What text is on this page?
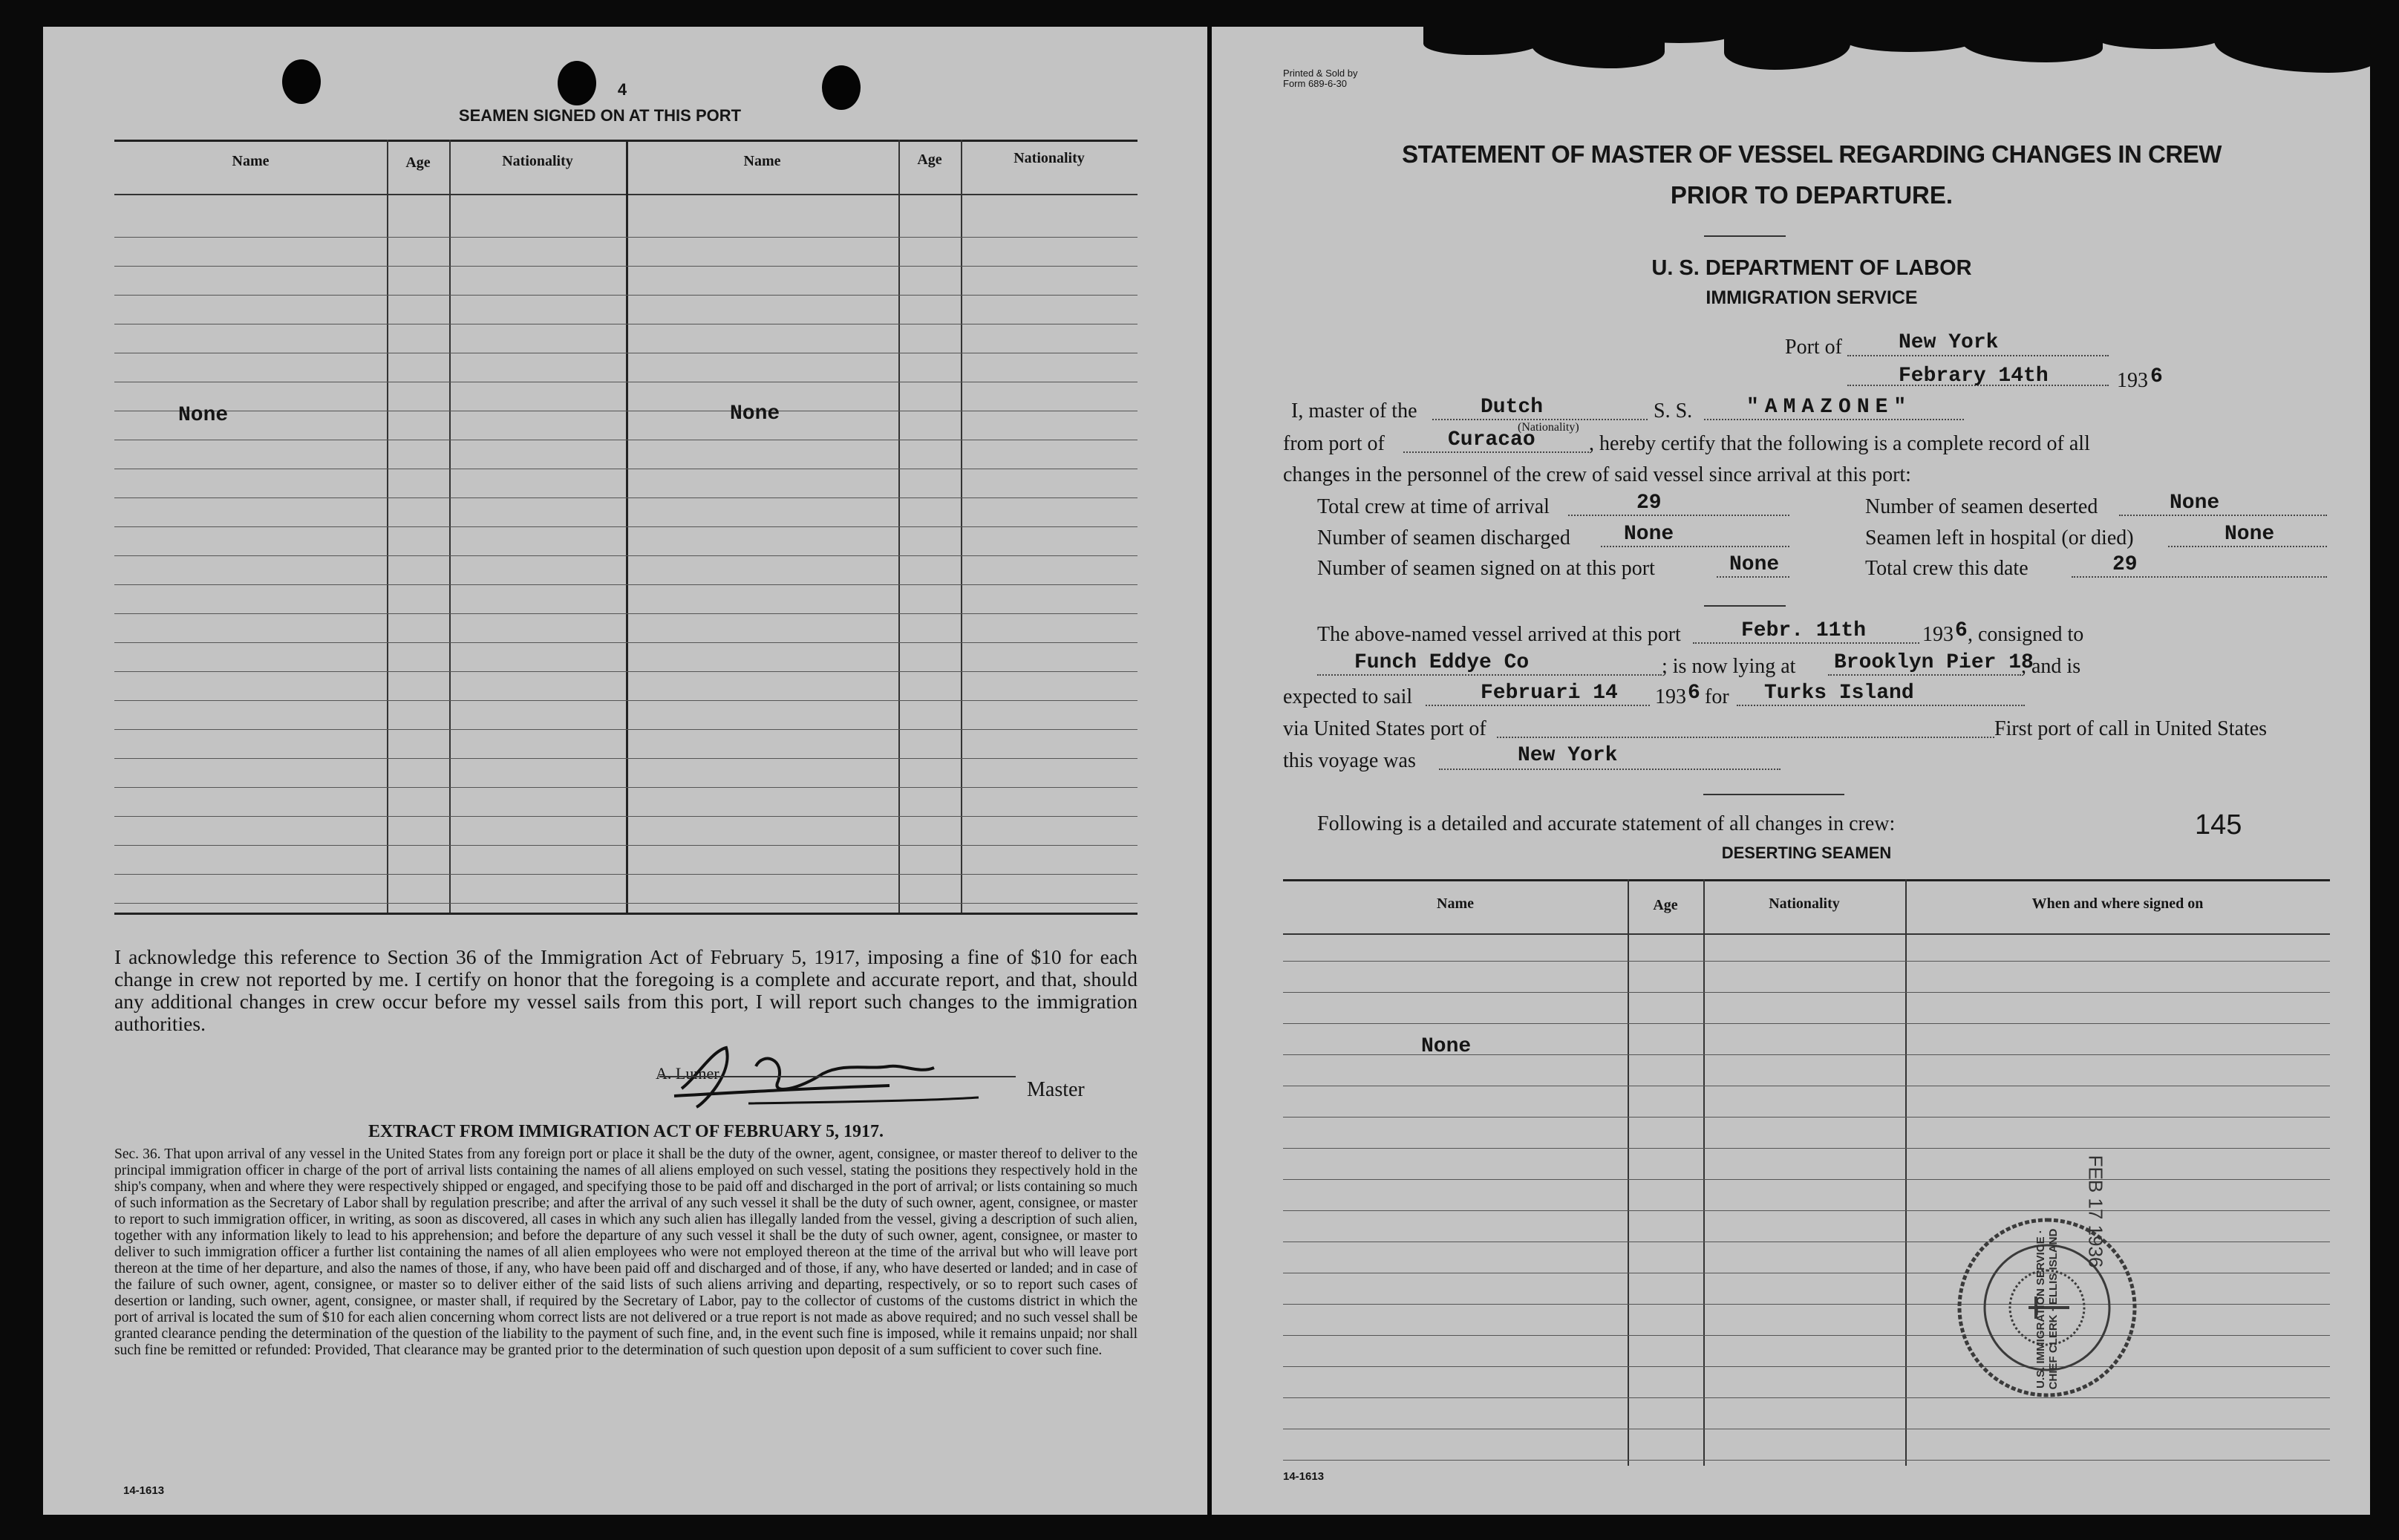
4
SEAMEN SIGNED ON AT THIS PORT
Name	Age	Nationality	Name	Age	Nationality
None	None
I acknowledge this reference to Section 36 of the Immigration Act of February 5, 1917, imposing a fine of $10 for each change in crew not reported by me. I certify on honor that the foregoing is a complete and accurate report, and that, should any additional changes in crew occur before my vessel sails from this port, I will report such changes to the immigration authorities.
A. Lumer
Master
EXTRACT FROM IMMIGRATION ACT OF FEBRUARY 5, 1917.
Sec. 36. That upon arrival of any vessel in the United States from any foreign port or place it shall be the duty of the owner, agent, consignee, or master thereof to deliver to the principal immigration officer in charge of the port of arrival lists containing the names of all aliens employed on such vessel, stating the positions they respectively hold in the ship's company, when and where they were respectively shipped or engaged, and specifying those to be paid off and discharged in the port of arrival; or lists containing so much of such information as the Secretary of Labor shall by regulation prescribe; and after the arrival of any such vessel it shall be the duty of such owner, agent, consignee, or master to report to such immigration officer, in writing, as soon as discovered, all cases in which any such alien has illegally landed from the vessel, giving a description of such alien, together with any information likely to lead to his apprehension; and before the departure of any such vessel it shall be the duty of such owner, agent, consignee, or master to deliver to such immigration officer a further list containing the names of all alien employees who were not employed thereon at the time of the arrival but who will leave port thereon at the time of her departure, and also the names of those, if any, who have been paid off and discharged and of those, if any, who have deserted or landed; and in case of the failure of such owner, agent, consignee, or master so to deliver either of the said lists of such aliens arriving and departing, respectively, or so to report such cases of desertion or landing, such owner, agent, consignee, or master shall, if required by the Secretary of Labor, pay to the collector of customs of the customs district in which the port of arrival is located the sum of $10 for each alien concerning whom correct lists are not delivered or a true report is not made as above required; and no such vessel shall be granted clearance pending the determination of the question of the liability to the payment of such fine, and, in the event such fine is imposed, while it remains unpaid; nor shall such fine be remitted or refunded: Provided, That clearance may be granted prior to the determination of such question upon deposit of a sum sufficient to cover such fine.
14-1613
Printed & Sold by
Form 689-6-30
STATEMENT OF MASTER OF VESSEL REGARDING CHANGES IN CREW
PRIOR TO DEPARTURE.
U. S. DEPARTMENT OF LABOR
IMMIGRATION SERVICE
Port of	New York
Febrary 14th	193 6
I, master of the	Dutch
(Nationality)
S. S.	"AMAZONE"
from port of	Curacao	, hereby certify that the following is a complete record of all
changes in the personnel of the crew of said vessel since arrival at this port:
Total crew at time of arrival	29	Number of seamen deserted	None
Number of seamen discharged	None	Seamen left in hospital (or died)	None
Number of seamen signed on at this port	None	Total crew this date	29
The above-named vessel arrived at this port	Febr. 11th	193 6 , consigned to
Funch Eddye Co	; is now lying at Brooklyn Pier 18
, and is
expected to sail	Februari 14 193 6 for Turks Island
via United States port of	First port of call in United States
this voyage was	New York
Following is a detailed and accurate statement of all changes in crew:	145
DESERTING SEAMEN
Name	Age	Nationality	When and where signed on
None
U.S. IMMIGRATION SERVICE · CHIEF CLERK · ELLIS ISLAND
FEB 17 1936
14-1613
